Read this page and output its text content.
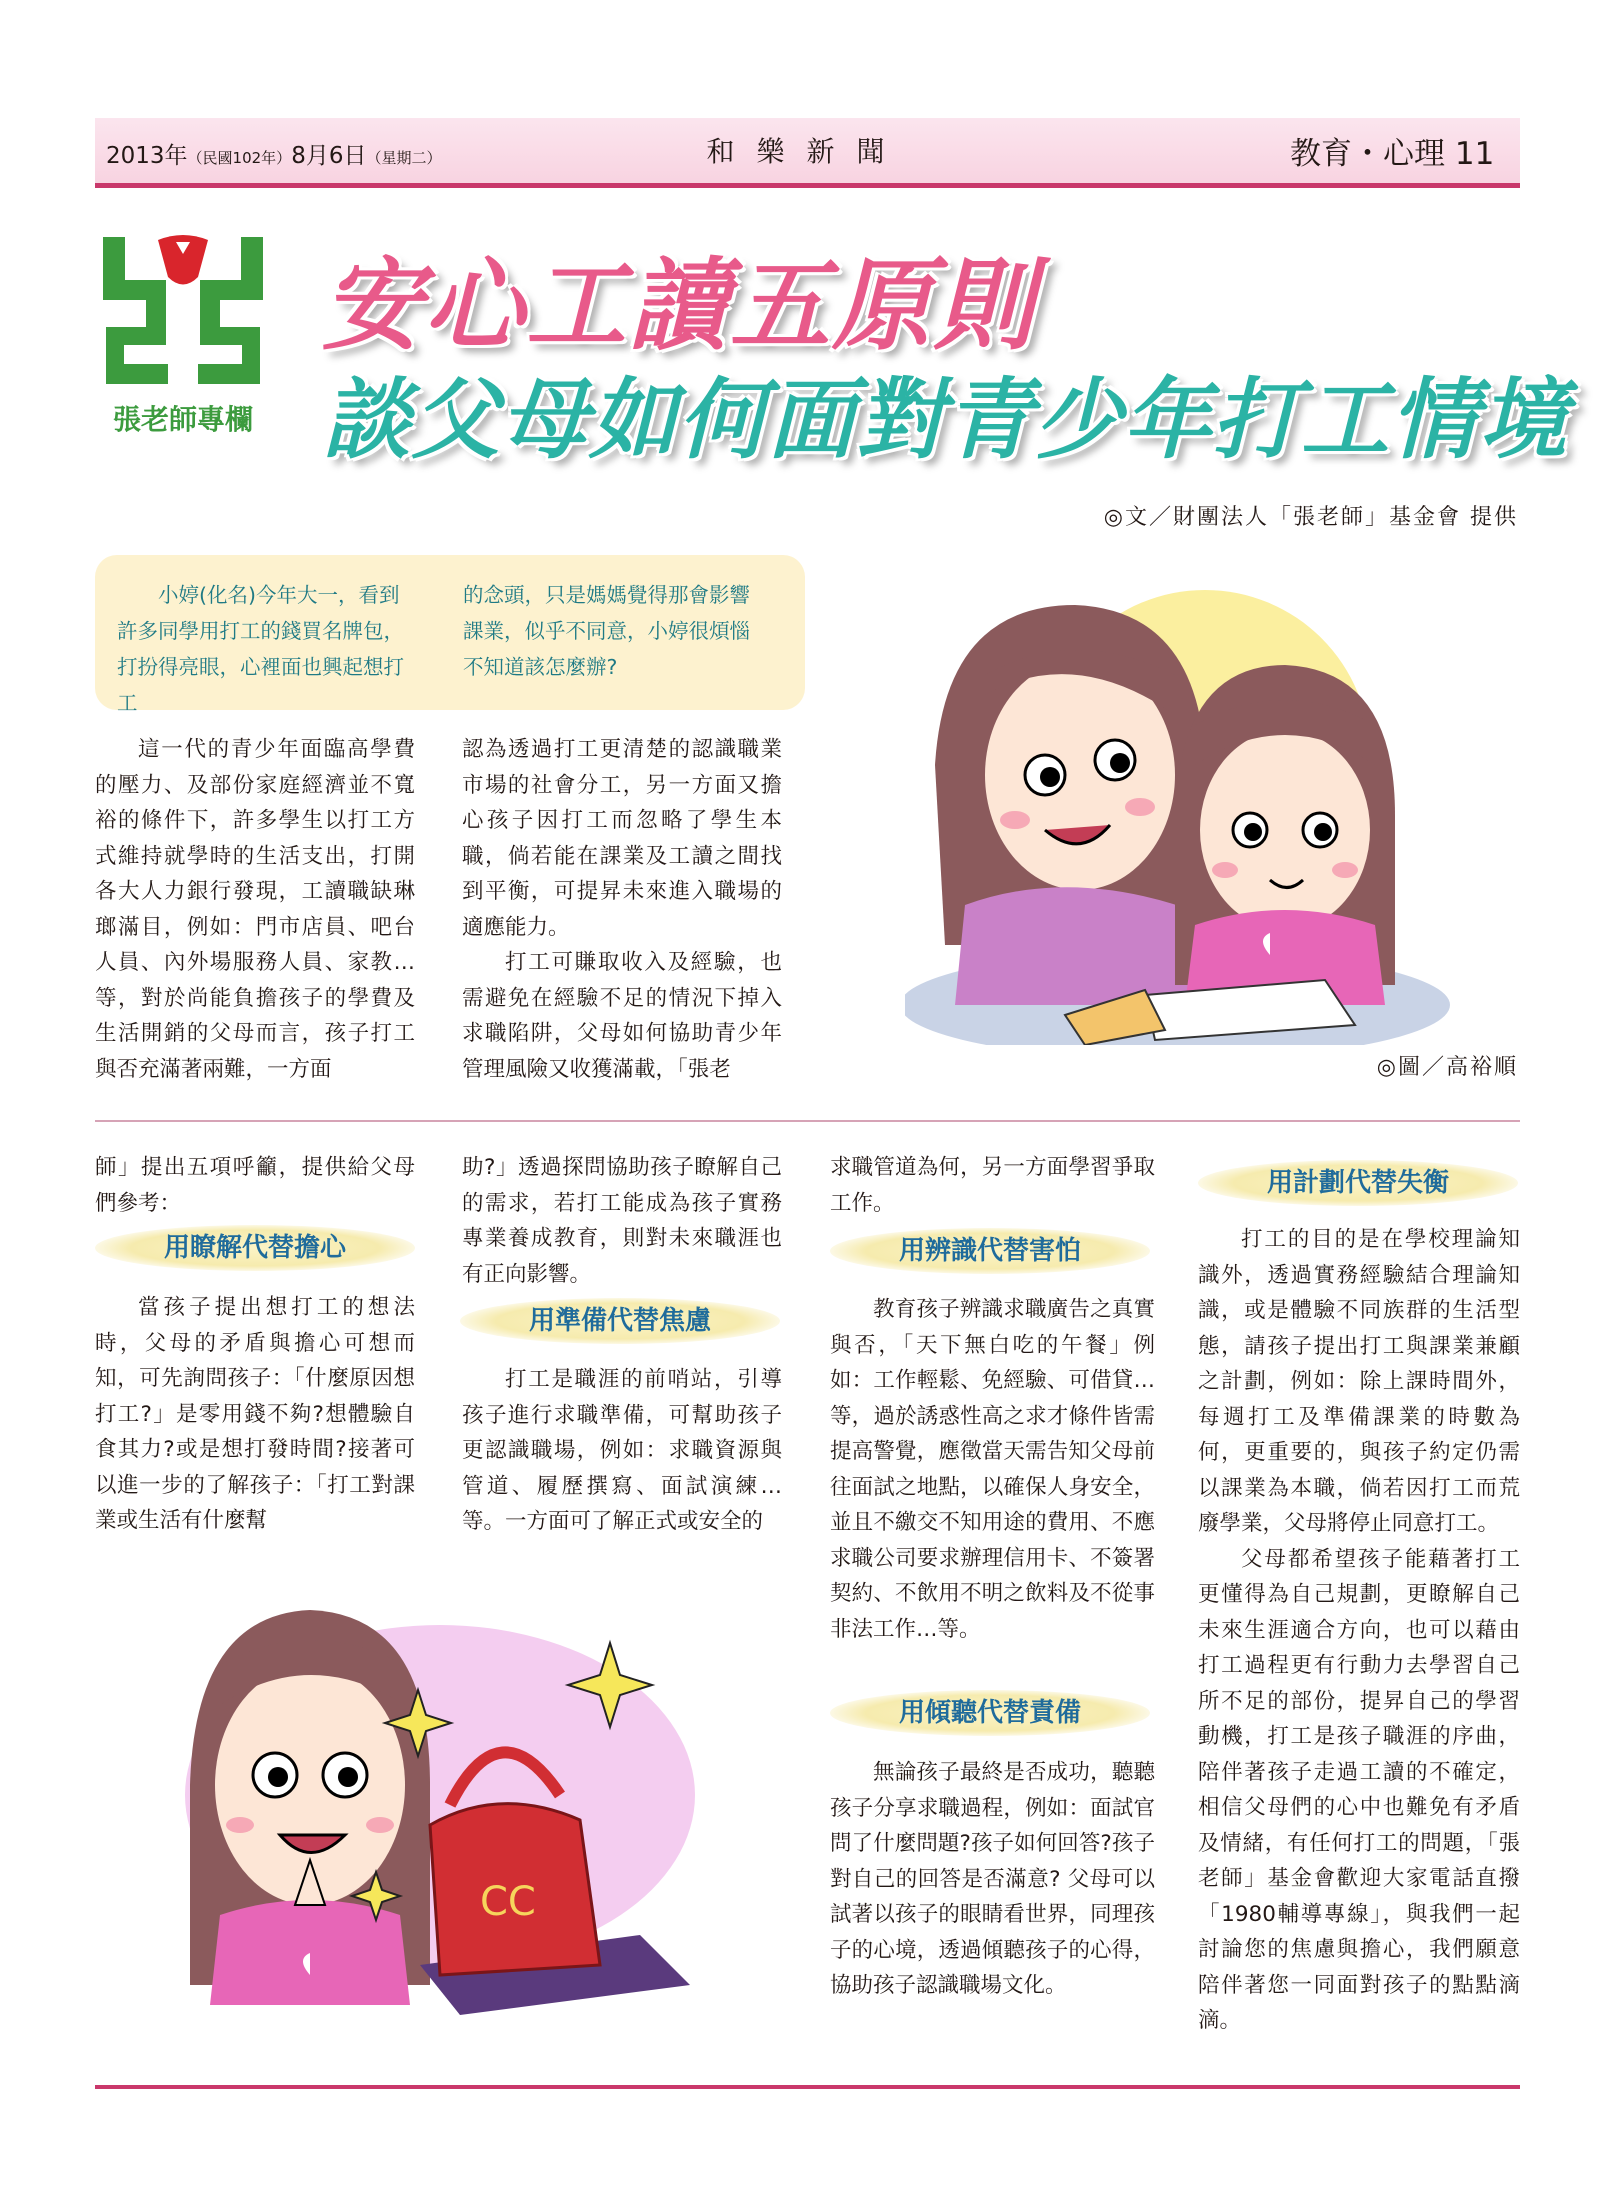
2013年（民國102年）8月6日（星期二）	和樂新聞	教育・心理 11
張老師專欄
安心工讀五原則
談父母如何面對青少年打工情境
◎文／財團法人「張老師」基金會 提供
小婷(化名)今年大一，看到許多同學用打工的錢買名牌包，打扮得亮眼，心裡面也興起想打工
的念頭，只是媽媽覺得那會影響課業，似乎不同意，小婷很煩惱不知道該怎麼辦?

這一代的青少年面臨高學費的壓力、及部份家庭經濟並不寬裕的條件下，許多學生以打工方式維持就學時的生活支出，打開各大人力銀行發現，工讀職缺琳瑯滿目，例如：門市店員、吧台人員、內外場服務人員、家教…等，對於尚能負擔孩子的學費及生活開銷的父母而言，孩子打工與否充滿著兩難，一方面

認為透過打工更清楚的認識職業市場的社會分工，另一方面又擔心孩子因打工而忽略了學生本職，倘若能在課業及工讀之間找到平衡，可提昇未來進入職場的適應能力。

打工可賺取收入及經驗，也需避免在經驗不足的情況下掉入求職陷阱，父母如何協助青少年管理風險又收獲滿載，「張老	◎圖／高裕順

師」提出五項呼籲，提供給父母們參考：

用瞭解代替擔心

當孩子提出想打工的想法時，父母的矛盾與擔心可想而知，可先詢問孩子：「什麼原因想打工?」是零用錢不夠?想體驗自食其力?或是想打發時間?接著可以進一步的了解孩子：「打工對課業或生活有什麼幫

助?」透過探問協助孩子瞭解自己的需求，若打工能成為孩子實務專業養成教育，則對未來職涯也有正向影響。

用準備代替焦慮

打工是職涯的前哨站，引導孩子進行求職準備，可幫助孩子更認識職場，例如：求職資源與管道、履歷撰寫、面試演練…等。一方面可了解正式或安全的

CC

求職管道為何，另一方面學習爭取工作。

用辨識代替害怕

教育孩子辨識求職廣告之真實與否，「天下無白吃的午餐」例如：工作輕鬆、免經驗、可借貸…等，過於誘惑性高之求才條件皆需提高警覺，應徵當天需告知父母前往面試之地點，以確保人身安全，並且不繳交不知用途的費用、不應求職公司要求辦理信用卡、不簽署契約、不飲用不明之飲料及不從事非法工作…等。

用傾聽代替責備

無論孩子最終是否成功，聽聽孩子分享求職過程，例如：面試官問了什麼問題?孩子如何回答?孩子對自己的回答是否滿意? 父母可以試著以孩子的眼睛看世界，同理孩子的心境，透過傾聽孩子的心得，協助孩子認識職場文化。

用計劃代替失衡

打工的目的是在學校理論知識外，透過實務經驗結合理論知識，或是體驗不同族群的生活型態，請孩子提出打工與課業兼顧之計劃，例如：除上課時間外，每週打工及準備課業的時數為何，更重要的，與孩子約定仍需以課業為本職，倘若因打工而荒廢學業，父母將停止同意打工。

父母都希望孩子能藉著打工更懂得為自己規劃，更瞭解自己未來生涯適合方向，也可以藉由打工過程更有行動力去學習自己所不足的部份，提昇自己的學習動機，打工是孩子職涯的序曲，陪伴著孩子走過工讀的不確定，相信父母們的心中也難免有矛盾及情緒，有任何打工的問題，「張老師」基金會歡迎大家電話直撥「1980輔導專線」，與我們一起討論您的焦慮與擔心，我們願意陪伴著您一同面對孩子的點點滴滴。
